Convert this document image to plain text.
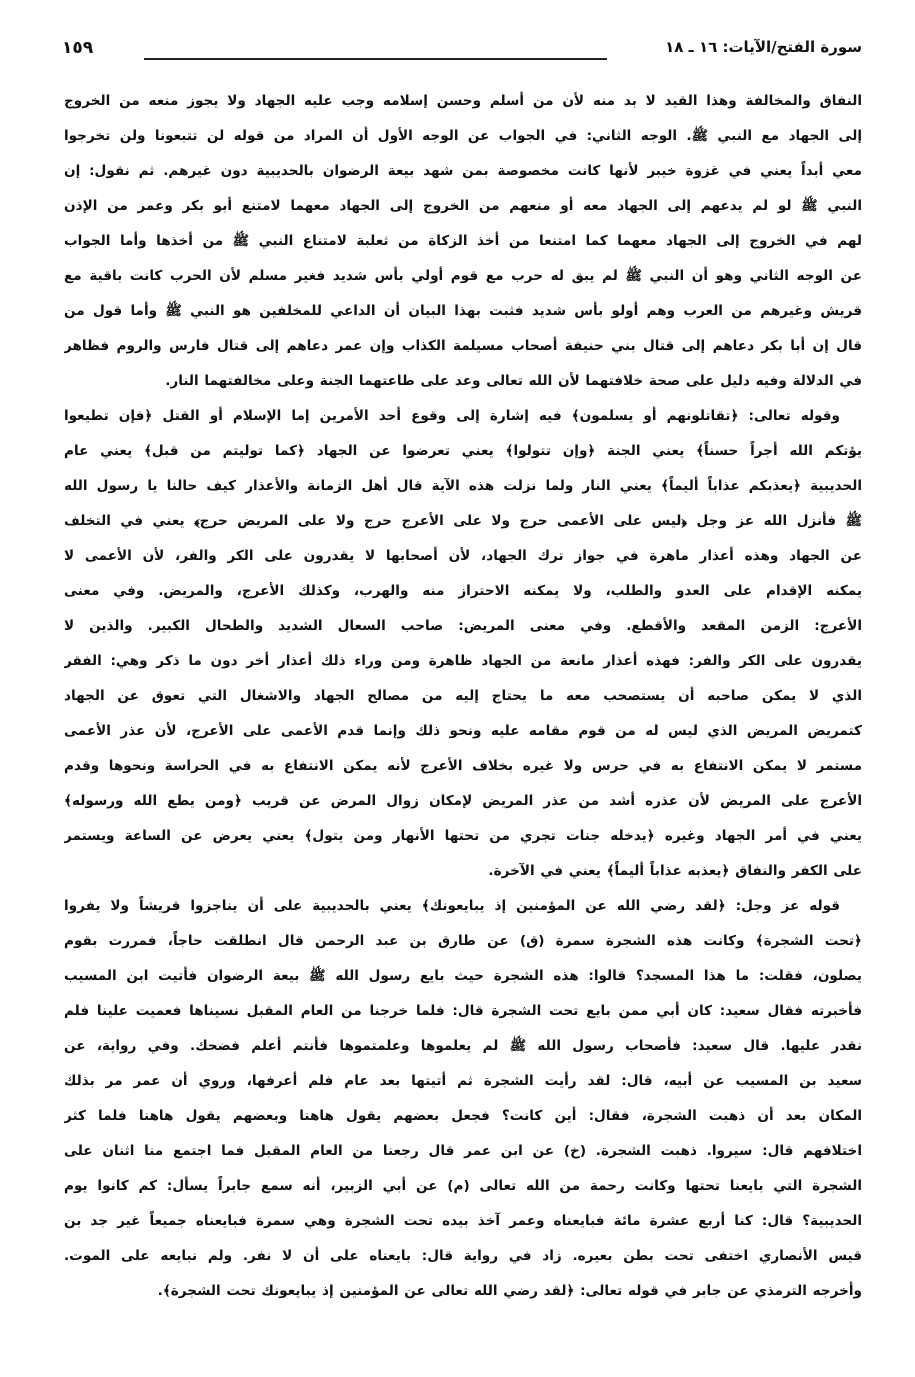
سورة الفتح/الآيات: ١٦ ـ ١٨
١٥٩
النفاق والمخالفة وهذا القيد لا بد منه لأن من أسلم وحسن إسلامه وجب عليه الجهاد ولا يجوز منعه من الخروج
إلى الجهاد مع النبي ﷺ. الوجه الثاني: في الجواب عن الوجه الأول أن المراد من قوله لن تتبعونا ولن تخرجوا
معي أبداً يعني في غزوة خيبر لأنها كانت مخصوصة بمن شهد بيعة الرضوان بالحديبية دون غيرهم. ثم نقول: إن
النبي ﷺ لو لم يدعهم إلى الجهاد معه أو منعهم من الخروج إلى الجهاد معهما لامتنع أبو بكر وعمر من الإذن
لهم في الخروج إلى الجهاد معهما كما امتنعا من أخذ الزكاة من ثعلبة لامتناع النبي ﷺ من أخذها وأما الجواب
عن الوجه الثاني وهو أن النبي ﷺ لم يبق له حرب مع قوم أولي بأس شديد فغير مسلم لأن الحرب كانت باقية مع
قريش وغيرهم من العرب وهم أولو بأس شديد فثبت بهذا البيان أن الداعي للمخلفين هو النبي ﷺ وأما قول من
قال إن أبا بكر دعاهم إلى قتال بني حنيفة أصحاب مسيلمة الكذاب وإن عمر دعاهم إلى قتال فارس والروم فظاهر
في الدلالة وفيه دليل على صحة خلافتهما لأن الله تعالى وعد على طاعتهما الجنة وعلى مخالفتهما النار.
وقوله تعالى: ﴿تقاتلونهم أو يسلمون﴾ فيه إشارة إلى وقوع أحد الأمرين إما الإسلام أو القتل ﴿فإن تطيعوا
يؤتكم الله أجراً حسناً﴾ يعني الجنة ﴿وإن تتولوا﴾ يعني تعرضوا عن الجهاد ﴿كما توليتم من قبل﴾ يعني عام
الحديبية ﴿يعذبكم عذاباً أليماً﴾ يعني النار ولما نزلت هذه الآية قال أهل الزمانة والأعذار كيف حالنا يا رسول الله
ﷺ فأنزل الله عز وجل ﴿ليس على الأعمى حرج ولا على الأعرج حرج ولا على المريض حرج﴾ يعني في التخلف
عن الجهاد وهذه أعذار ماهرة في جواز ترك الجهاد، لأن أصحابها لا يقدرون على الكر والفر، لأن الأعمى لا
يمكنه الإقدام على العدو والطلب، ولا يمكنه الاحتراز منه والهرب، وكذلك الأعرج، والمريض. وفي معنى
الأعرج: الزمن المقعد والأقطع. وفي معنى المريض: صاحب السعال الشديد والطحال الكبير. والذين لا
يقدرون على الكر والفر: فهذه أعذار مانعة من الجهاد ظاهرة ومن وراء ذلك أعذار أخر دون ما ذكر وهي: الفقر
الذي لا يمكن صاحبه أن يستصحب معه ما يحتاج إليه من مصالح الجهاد والاشغال التي تعوق عن الجهاد
كتمريض المريض الذي ليس له من قوم مقامه عليه ونحو ذلك وإنما قدم الأعمى على الأعرج، لأن عذر الأعمى
مستمر لا يمكن الانتفاع به في حرس ولا غيره بخلاف الأعرج لأنه يمكن الانتفاع به في الحراسة ونحوها وقدم
الأعرج على المريض لأن عذره أشد من عذر المريض لإمكان زوال المرض عن قريب ﴿ومن يطع الله ورسوله﴾
يعني في أمر الجهاد وغيره ﴿يدخله جنات تجري من تحتها الأنهار ومن يتول﴾ يعني يعرض عن الساعة ويستمر
على الكفر والنفاق ﴿يعذبه عذاباً أليماً﴾ يعني في الآخرة.
قوله عز وجل: ﴿لقد رضي الله عن المؤمنين إذ يبايعونك﴾ يعني بالحديبية على أن يناجزوا قريشاً ولا يفروا
﴿تحت الشجرة﴾ وكانت هذه الشجرة سمرة (ق) عن طارق بن عبد الرحمن قال انطلقت حاجاً، فمررت بقوم
يصلون، فقلت: ما هذا المسجد؟ قالوا: هذه الشجرة حيث بايع رسول الله ﷺ بيعة الرضوان فأتيت ابن المسيب
فأخبرته فقال سعيد: كان أبي ممن بايع تحت الشجرة قال: فلما خرجنا من العام المقبل نسيناها فعميت علينا فلم
نقدر عليها. قال سعيد: فأصحاب رسول الله ﷺ لم يعلموها وعلمتموها فأنتم أعلم فضحك. وفي رواية، عن
سعيد بن المسيب عن أبيه، قال: لقد رأيت الشجرة ثم أتيتها بعد عام فلم أعرفها، وروي أن عمر مر بذلك
المكان بعد أن ذهبت الشجرة، فقال: أين كانت؟ فجعل بعضهم يقول هاهنا وبعضهم يقول هاهنا فلما كثر
اختلافهم قال: سيروا. ذهبت الشجرة. (خ) عن ابن عمر قال رجعنا من العام المقبل فما اجتمع منا اثنان على
الشجرة التي بايعنا تحتها وكانت رحمة من الله تعالى (م) عن أبي الزبير، أنه سمع جابراً يسأل: كم كانوا يوم
الحديبية؟ قال: كنا أربع عشرة مائة فبايعناه وعمر آخذ بيده تحت الشجرة وهي سمرة فبايعناه جميعاً غير جد بن
قيس الأنصاري اختفى تحت بطن بعيره. زاد في رواية قال: بايعناه على أن لا نفر. ولم نبايعه على الموت.
وأخرجه الترمذي عن جابر في قوله تعالى: ﴿لقد رضي الله تعالى عن المؤمنين إذ يبايعونك تحت الشجرة﴾.
